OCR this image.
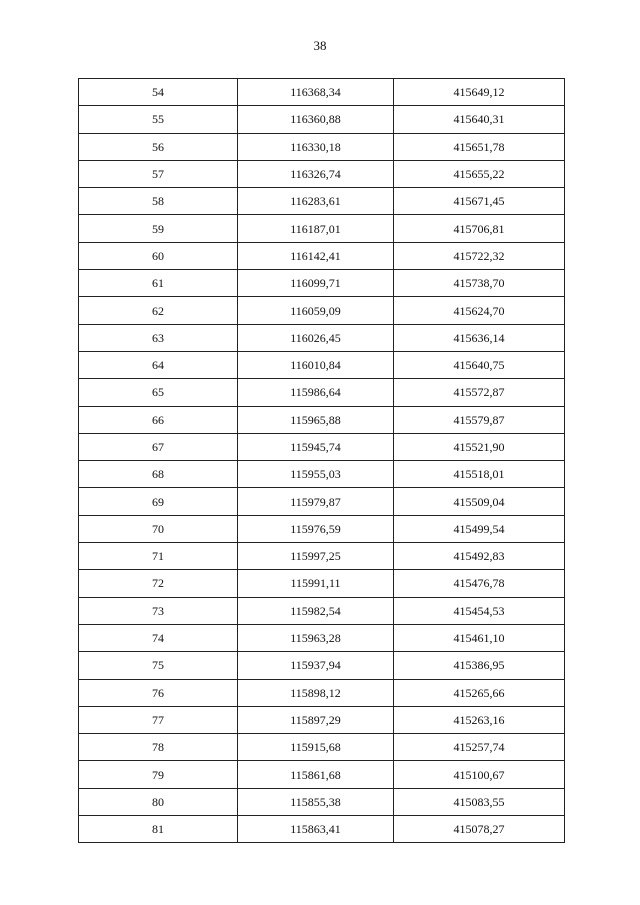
38
54	116368,34	415649,12
55	116360,88	415640,31
56	116330,18	415651,78
57	116326,74	415655,22
58	116283,61	415671,45
59	116187,01	415706,81
60	116142,41	415722,32
61	116099,71	415738,70
62	116059,09	415624,70
63	116026,45	415636,14
64	116010,84	415640,75
65	115986,64	415572,87
66	115965,88	415579,87
67	115945,74	415521,90
68	115955,03	415518,01
69	115979,87	415509,04
70	115976,59	415499,54
71	115997,25	415492,83
72	115991,11	415476,78
73	115982,54	415454,53
74	115963,28	415461,10
75	115937,94	415386,95
76	115898,12	415265,66
77	115897,29	415263,16
78	115915,68	415257,74
79	115861,68	415100,67
80	115855,38	415083,55
81	115863,41	415078,27
